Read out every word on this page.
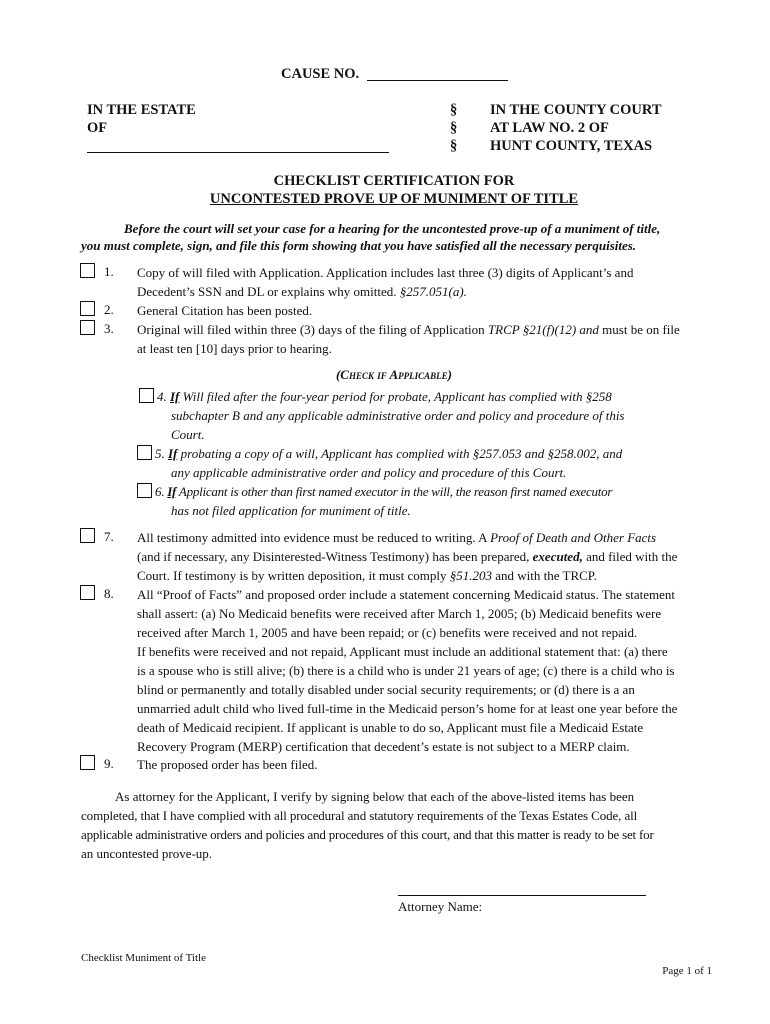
CAUSE NO.
IN THE ESTATE
OF
§
§
§
IN THE COUNTY COURT
AT LAW NO. 2 OF
HUNT COUNTY, TEXAS
CHECKLIST CERTIFICATION FOR
UNCONTESTED PROVE UP OF MUNIMENT OF TITLE
Before the court will set your case for a hearing for the uncontested prove-up of a muniment of title,
you must complete, sign, and file this form showing that you have satisfied all the necessary perquisites.
1. Copy of will filed with Application. Application includes last three (3) digits of Applicant’s and
Decedent’s SSN and DL or explains why omitted. §257.051(a).
2. General Citation has been posted.
3. Original will filed within three (3) days of the filing of Application TRCP §21(f)(12) and must be on file
at least ten [10] days prior to hearing.
(Check if Applicable)
4. If Will filed after the four-year period for probate, Applicant has complied with §258
subchapter B and any applicable administrative order and policy and procedure of this
Court.
5. If probating a copy of a will, Applicant has complied with §257.053 and §258.002, and
any applicable administrative order and policy and procedure of this Court.
6. If Applicant is other than first named executor in the will, the reason first named executor
has not filed application for muniment of title.
7. All testimony admitted into evidence must be reduced to writing. A Proof of Death and Other Facts
(and if necessary, any Disinterested-Witness Testimony) has been prepared, executed, and filed with the
Court. If testimony is by written deposition, it must comply §51.203 and with the TRCP.
8. All “Proof of Facts” and proposed order include a statement concerning Medicaid status. The statement
shall assert: (a) No Medicaid benefits were received after March 1, 2005; (b) Medicaid benefits were
received after March 1, 2005 and have been repaid; or (c) benefits were received and not repaid.
If benefits were received and not repaid, Applicant must include an additional statement that: (a) there
is a spouse who is still alive; (b) there is a child who is under 21 years of age; (c) there is a child who is
blind or permanently and totally disabled under social security requirements; or (d) there is a an
unmarried adult child who lived full-time in the Medicaid person’s home for at least one year before the
death of Medicaid recipient. If applicant is unable to do so, Applicant must file a Medicaid Estate
Recovery Program (MERP) certification that decedent’s estate is not subject to a MERP claim.
9. The proposed order has been filed.
As attorney for the Applicant, I verify by signing below that each of the above-listed items has been
completed, that I have complied with all procedural and statutory requirements of the Texas Estates Code, all
applicable administrative orders and policies and procedures of this court, and that this matter is ready to be set for
an uncontested prove-up.
Attorney Name:
Checklist Muniment of Title
Page 1 of 1
